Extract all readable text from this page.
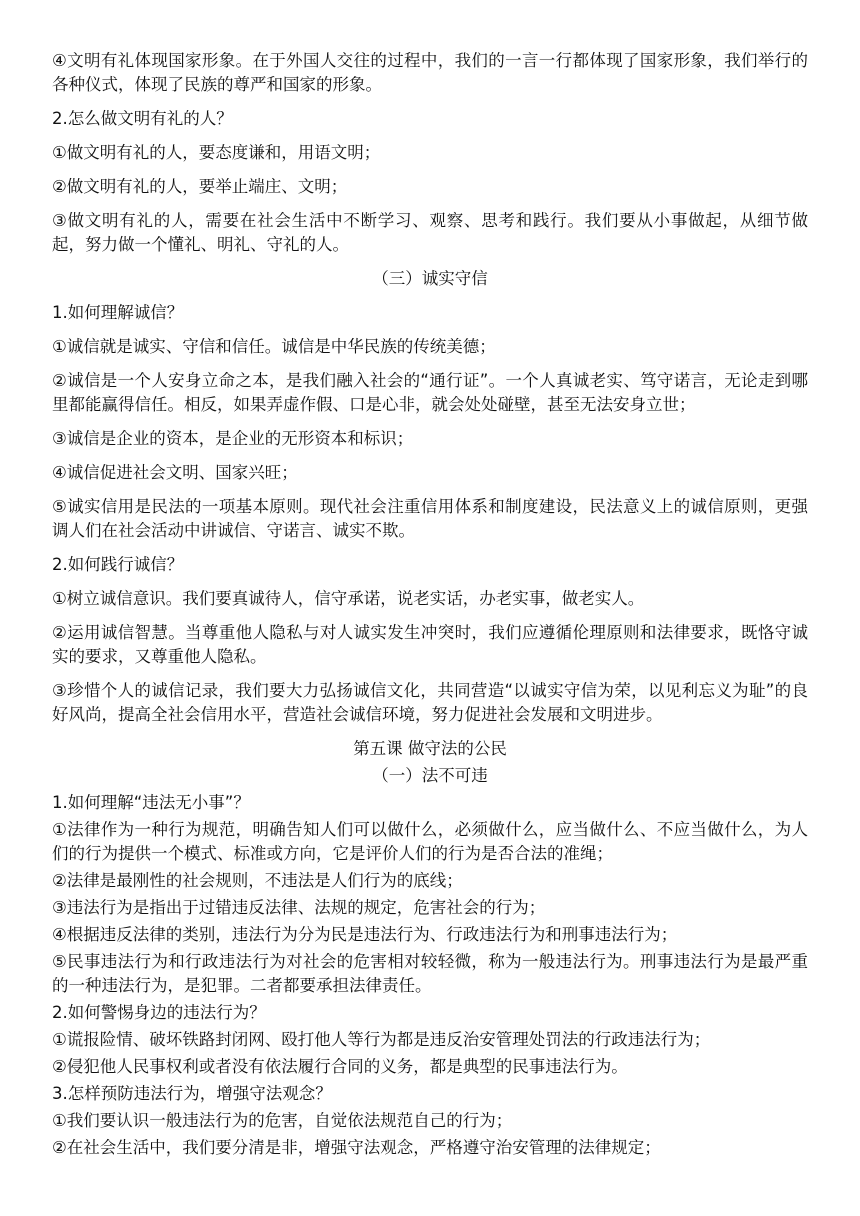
④文明有礼体现国家形象。在于外国人交往的过程中，我们的一言一行都体现了国家形象，我们举行的各种仪式，体现了民族的尊严和国家的形象。

2.怎么做文明有礼的人？

①做文明有礼的人，要态度谦和，用语文明；

②做文明有礼的人，要举止端庄、文明；

③做文明有礼的人，需要在社会生活中不断学习、观察、思考和践行。我们要从小事做起，从细节做起，努力做一个懂礼、明礼、守礼的人。

（三）诚实守信

1.如何理解诚信？

①诚信就是诚实、守信和信任。诚信是中华民族的传统美德；

②诚信是一个人安身立命之本，是我们融入社会的“通行证”。一个人真诚老实、笃守诺言，无论走到哪里都能赢得信任。相反，如果弄虚作假、口是心非，就会处处碰壁，甚至无法安身立世；

③诚信是企业的资本，是企业的无形资本和标识；

④诚信促进社会文明、国家兴旺；

⑤诚实信用是民法的一项基本原则。现代社会注重信用体系和制度建设，民法意义上的诚信原则，更强调人们在社会活动中讲诚信、守诺言、诚实不欺。

2.如何践行诚信？

①树立诚信意识。我们要真诚待人，信守承诺，说老实话，办老实事，做老实人。

②运用诚信智慧。当尊重他人隐私与对人诚实发生冲突时，我们应遵循伦理原则和法律要求，既恪守诚实的要求，又尊重他人隐私。

③珍惜个人的诚信记录，我们要大力弘扬诚信文化，共同营造“以诚实守信为荣，以见利忘义为耻”的良好风尚，提高全社会信用水平，营造社会诚信环境，努力促进社会发展和文明进步。

第五课 做守法的公民

（一）法不可违

1.如何理解“违法无小事”？

①法律作为一种行为规范，明确告知人们可以做什么，必须做什么，应当做什么、不应当做什么，为人们的行为提供一个模式、标准或方向，它是评价人们的行为是否合法的准绳；

②法律是最刚性的社会规则，不违法是人们行为的底线；

③违法行为是指出于过错违反法律、法规的规定，危害社会的行为；

④根据违反法律的类别，违法行为分为民是违法行为、行政违法行为和刑事违法行为；

⑤民事违法行为和行政违法行为对社会的危害相对较轻微，称为一般违法行为。刑事违法行为是最严重的一种违法行为，是犯罪。二者都要承担法律责任。

2.如何警惕身边的违法行为？

①谎报险情、破坏铁路封闭网、殴打他人等行为都是违反治安管理处罚法的行政违法行为；

②侵犯他人民事权利或者没有依法履行合同的义务，都是典型的民事违法行为。

3.怎样预防违法行为，增强守法观念？

①我们要认识一般违法行为的危害，自觉依法规范自己的行为；

②在社会生活中，我们要分清是非，增强守法观念，严格遵守治安管理的法律规定；
